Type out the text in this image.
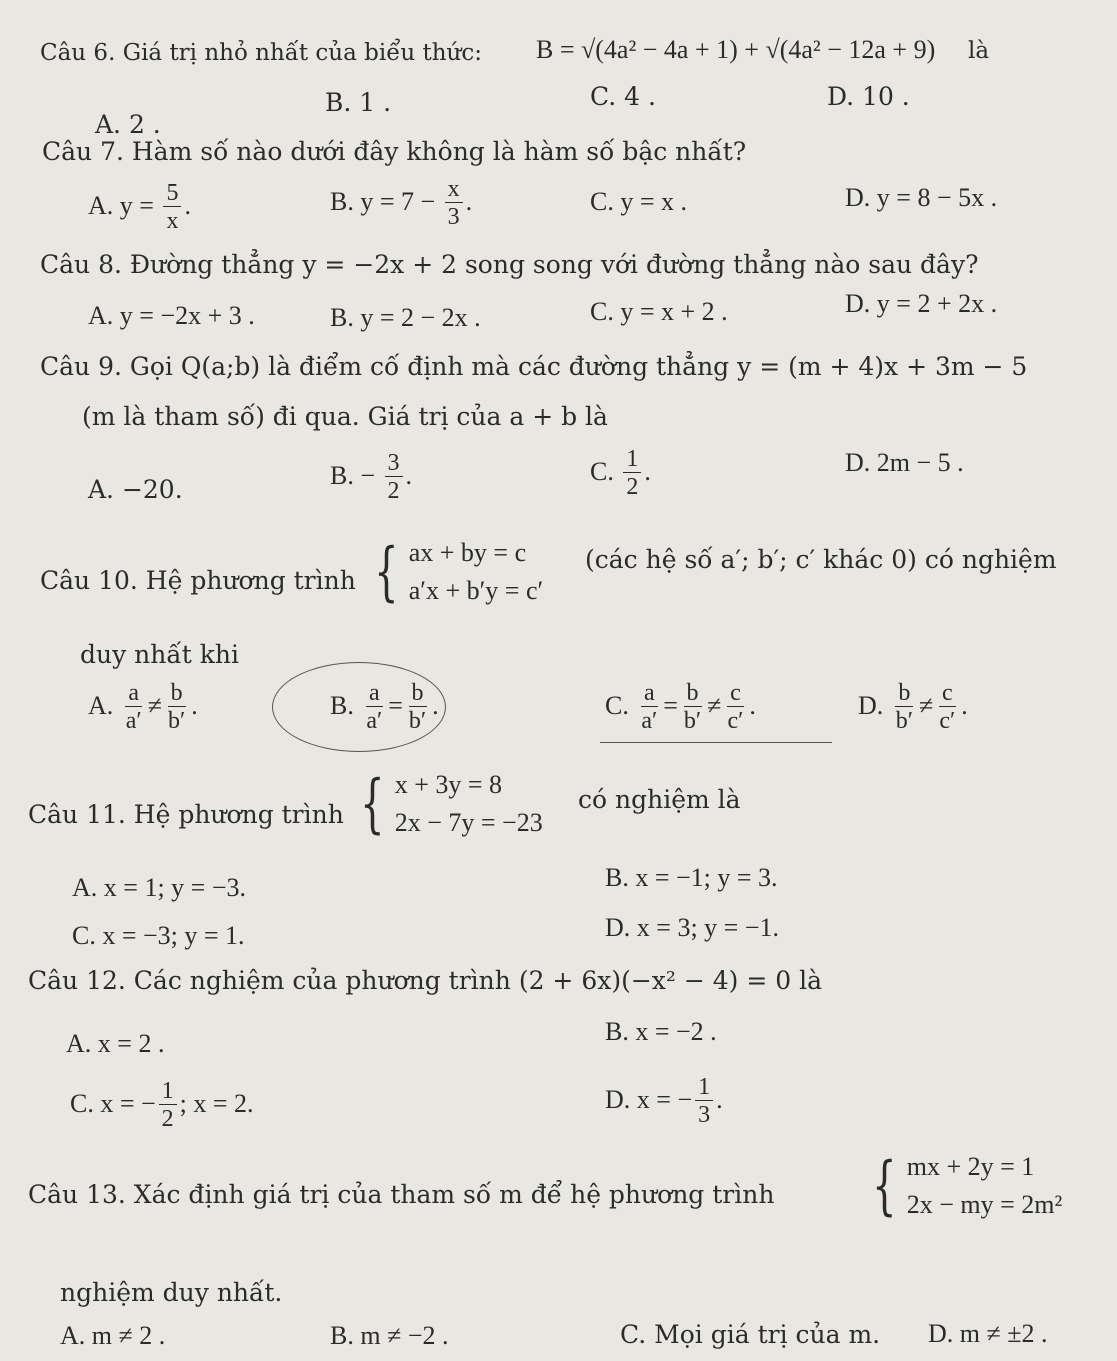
Câu 6. Giá trị nhỏ nhất của biểu thức: B = √(4a² − 4a + 1) + √(4a² − 12a + 9) là
A. 2 .
B. 1 .	C. 4 .	D. 10 .
Câu 7. Hàm số nào dưới đây không là hàm số bậc nhất?
A. $y = \frac{5}{x}$ .	B. $y = 7 - \frac{x}{3}$ .	C. y = x .	D. y = 8 − 5x .
Câu 8. Đường thẳng y = −2x + 2 song song với đường thẳng nào sau đây?
A. y = −2x + 3 .	B. y = 2 − 2x .	C. y = x + 2 .	D. y = 2 + 2x .
Câu 9. Gọi Q(a;b) là điểm cố định mà các đường thẳng y = (m + 4)x + 3m − 5
(m là tham số) đi qua. Giá trị của a + b là
A. −20.	B. − $\frac{3}{2}$ .	C. $\frac{1}{2}$ .	D. 2m − 5 .
Câu 10. Hệ phương trình { ax + by = c
a′x + b′y = c′
(các hệ số a′; b′; c′ khác 0) có nghiệm
duy nhất khi
A. $\frac{a}{a'} \ne \frac{b}{b'}$ .	B. $\frac{a}{a'} = \frac{b}{b'}$ .	C. $\frac{a}{a'} = \frac{b}{b'} \ne \frac{c}{c'}$ .	D. $\frac{b}{b'} \ne \frac{c}{c'}$ .
Câu 11. Hệ phương trình { x + 3y = 8
2x − 7y = −23
có nghiệm là
A. x = 1; y = −3.	B. x = −1; y = 3.
C. x = −3; y = 1.	D. x = 3; y = −1.
Câu 12. Các nghiệm của phương trình (2 + 6x)(−x² − 4) = 0 là
A. x = 2 .	B. x = −2 .
C. x = − $\frac{1}{2}$ ; x = 2.	D. x = − $\frac{1}{3}$ .
Câu 13. Xác định giá trị của tham số m để hệ phương trình { mx + 2y = 1
2x − my = 2m²
nghiệm duy nhất.
A. m ≠ 2 .	B. m ≠ −2 .	C. Mọi giá trị của m. D. m ≠ ±2 .
